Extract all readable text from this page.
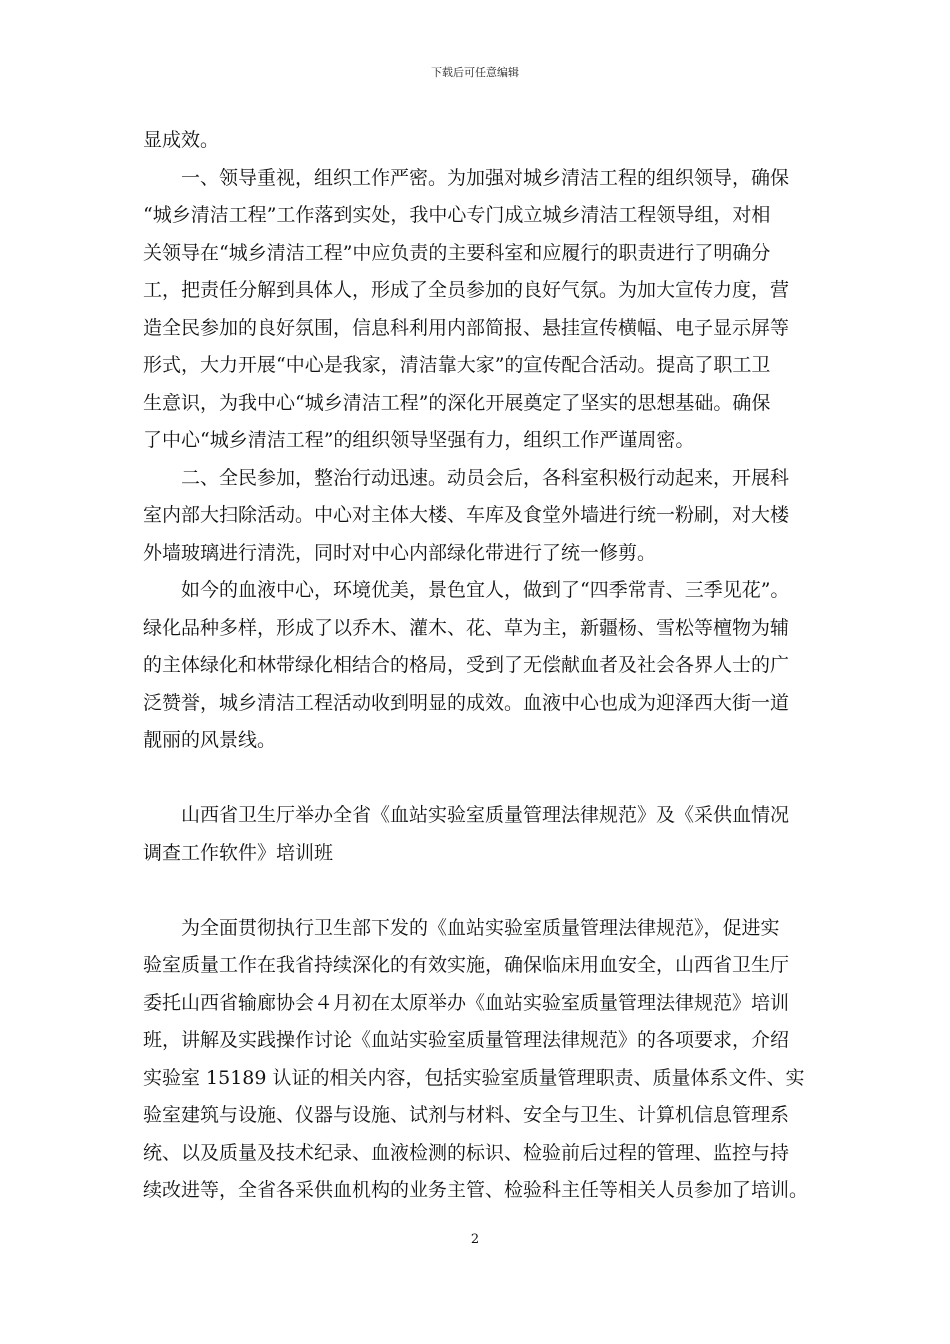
下载后可任意编辑
显成效。
　　一、领导重视，组织工作严密。为加强对城乡清洁工程的组织领导，确保
“城乡清洁工程”工作落到实处，我中心专门成立城乡清洁工程领导组，对相
关领导在“城乡清洁工程”中应负责的主要科室和应履行的职责进行了明确分
工，把责任分解到具体人，形成了全员参加的良好气氛。为加大宣传力度，营
造全民参加的良好氛围，信息科利用内部简报、悬挂宣传横幅、电子显示屏等
形式，大力开展“中心是我家，清洁靠大家”的宣传配合活动。提高了职工卫
生意识，为我中心“城乡清洁工程”的深化开展奠定了坚实的思想基础。确保
了中心“城乡清洁工程”的组织领导坚强有力，组织工作严谨周密。
　　二、全民参加，整治行动迅速。动员会后，各科室积极行动起来，开展科
室内部大扫除活动。中心对主体大楼、车库及食堂外墙进行统一粉刷，对大楼
外墙玻璃进行清洗，同时对中心内部绿化带进行了统一修剪。
　　如今的血液中心，环境优美，景色宜人，做到了“四季常青、三季见花”。
绿化品种多样，形成了以乔木、灌木、花、草为主，新疆杨、雪松等檀物为辅
的主体绿化和林带绿化相结合的格局，受到了无偿献血者及社会各界人士的广
泛赞誉，城乡清洁工程活动收到明显的成效。血液中心也成为迎泽西大街一道
靓丽的风景线。
　　山西省卫生厅举办全省《血站实验室质量管理法律规范》及《采供血情况
调查工作软件》培训班
　　为全面贯彻执行卫生部下发的《血站实验室质量管理法律规范》，促进实
验室质量工作在我省持续深化的有效实施，确保临床用血安全，山西省卫生厅
委托山西省输廊协会４月初在太原举办《血站实验室质量管理法律规范》培训
班，讲解及实践操作讨论《血站实验室质量管理法律规范》的各项要求，介绍
实验室 15189 认证的相关内容，包括实验室质量管理职责、质量体系文件、实
验室建筑与设施、仪器与设施、试剂与材料、安全与卫生、计算机信息管理系
统、以及质量及技术纪录、血液检测的标识、检验前后过程的管理、监控与持
续改进等，全省各采供血机构的业务主管、检验科主任等相关人员参加了培训。
2
